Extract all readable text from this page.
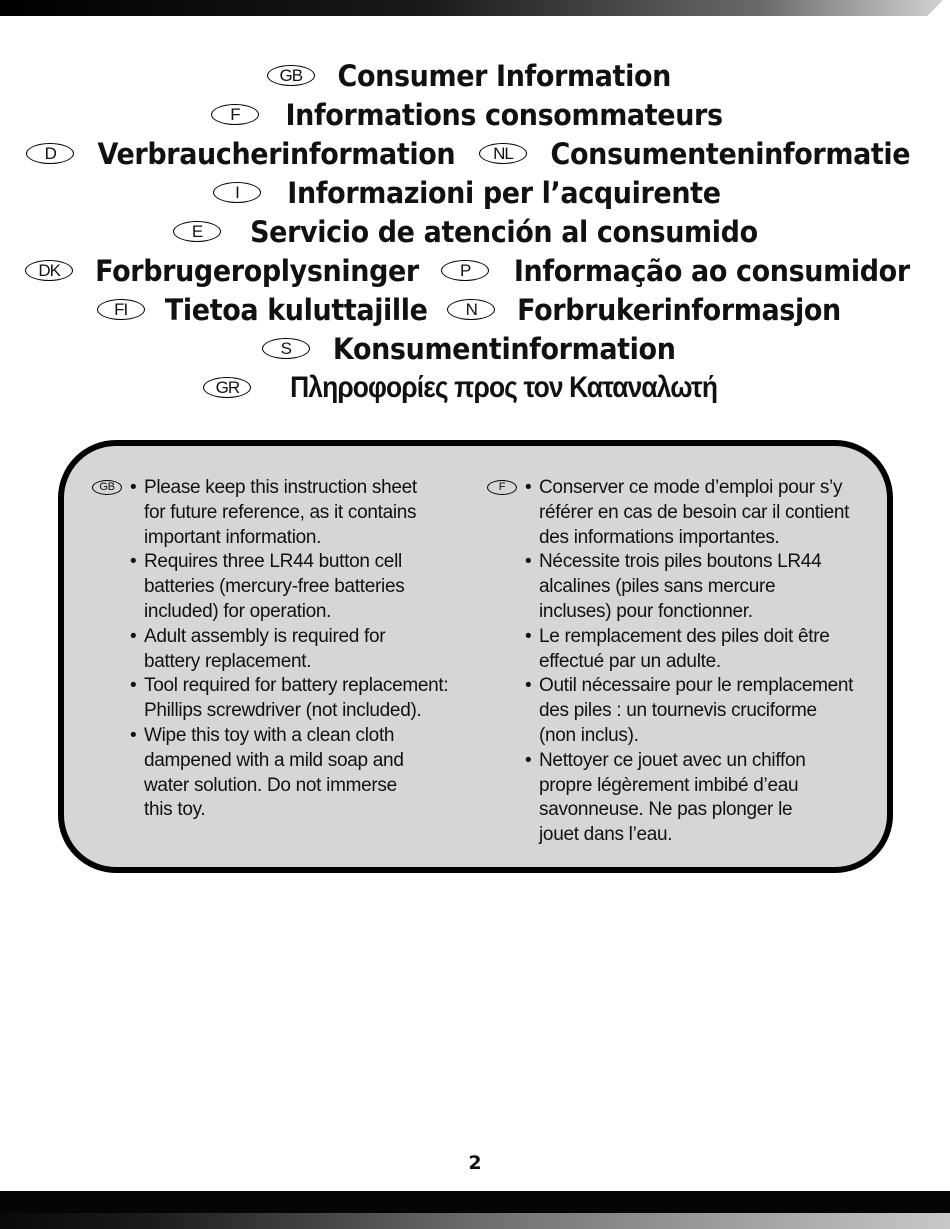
GB	Consumer Information
F	Informations consommateurs
D	Verbraucherinformation	NL	Consumenteninformatie
I	Informazioni per l’acquirente
E	Servicio de atención al consumido
DK	Forbrugeroplysninger	P	Informação ao consumidor
FI	Tietoa kuluttajille	N	Forbrukerinformasjon
S	Konsumentinformation
GR	Πληροφορίες προς τον Καταναλωτή
GB	• Please keep this instruction sheet
for future reference, as it contains
important information.
• Requires three LR44 button cell
batteries (mercury-free batteries
included) for operation.
• Adult assembly is required for
battery replacement.
• Tool required for battery replacement:
Phillips screwdriver (not included).
• Wipe this toy with a clean cloth
dampened with a mild soap and
water solution. Do not immerse
this toy.
F	• Conserver ce mode d’emploi pour s’y
référer en cas de besoin car il contient
des informations importantes.
• Nécessite trois piles boutons LR44
alcalines (piles sans mercure
incluses) pour fonctionner.
• Le remplacement des piles doit être
effectué par un adulte.
• Outil nécessaire pour le remplacement
des piles : un tournevis cruciforme
(non inclus).
• Nettoyer ce jouet avec un chiffon
propre légèrement imbibé d’eau
savonneuse. Ne pas plonger le
jouet dans l’eau.
2
